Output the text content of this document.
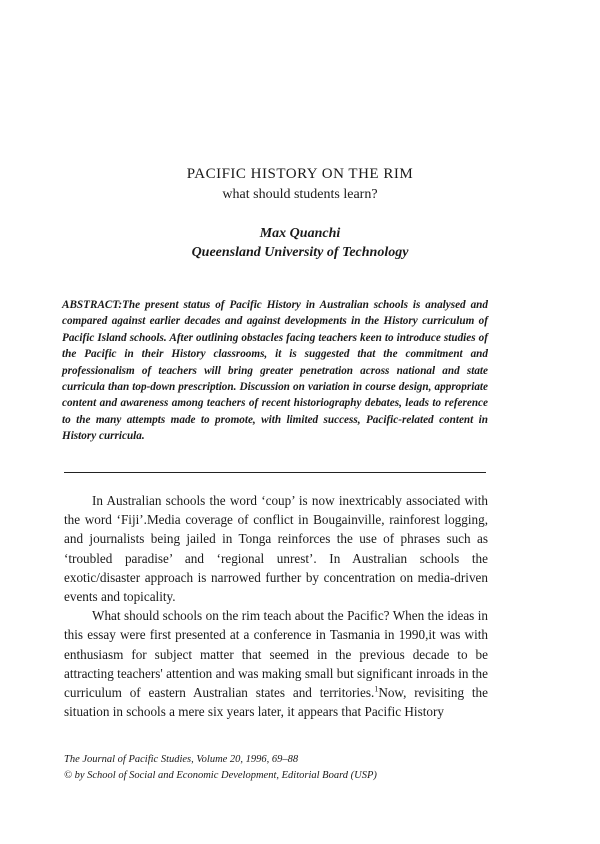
PACIFIC HISTORY ON THE RIM
what should students learn?
Max Quanchi
Queensland University of Technology
ABSTRACT:The present status of Pacific History in Australian schools is analysed and compared against earlier decades and against developments in the History curriculum of Pacific Island schools. After outlining obstacles facing teachers keen to introduce studies of the Pacific in their History classrooms, it is suggested that the commitment and professionalism of teachers will bring greater penetration across national and state curricula than top-down prescription. Discussion on variation in course design, appropriate content and awareness among teachers of recent historiography debates, leads to reference to the many attempts made to promote, with limited success, Pacific-related content in History curricula.

In Australian schools the word ‘coup’ is now inextricably associated with the word ‘Fiji’.Media coverage of conflict in Bougainville, rainforest logging, and journalists being jailed in Tonga reinforces the use of phrases such as ‘troubled paradise’ and ‘regional unrest’. In Australian schools the exotic/disaster approach is narrowed further by concentration on media-driven events and topicality.

What should schools on the rim teach about the Pacific? When the ideas in this essay were first presented at a conference in Tasmania in 1990,it was with enthusiasm for subject matter that seemed in the previous decade to be attracting teachers' attention and was making small but significant inroads in the curriculum of eastern Australian states and territories.$^1$Now, revisiting the situation in schools a mere six years later, it appears that Pacific History

The Journal of Pacific Studies, Volume 20, 1996, 69–88
© by School of Social and Economic Development, Editorial Board (USP)
